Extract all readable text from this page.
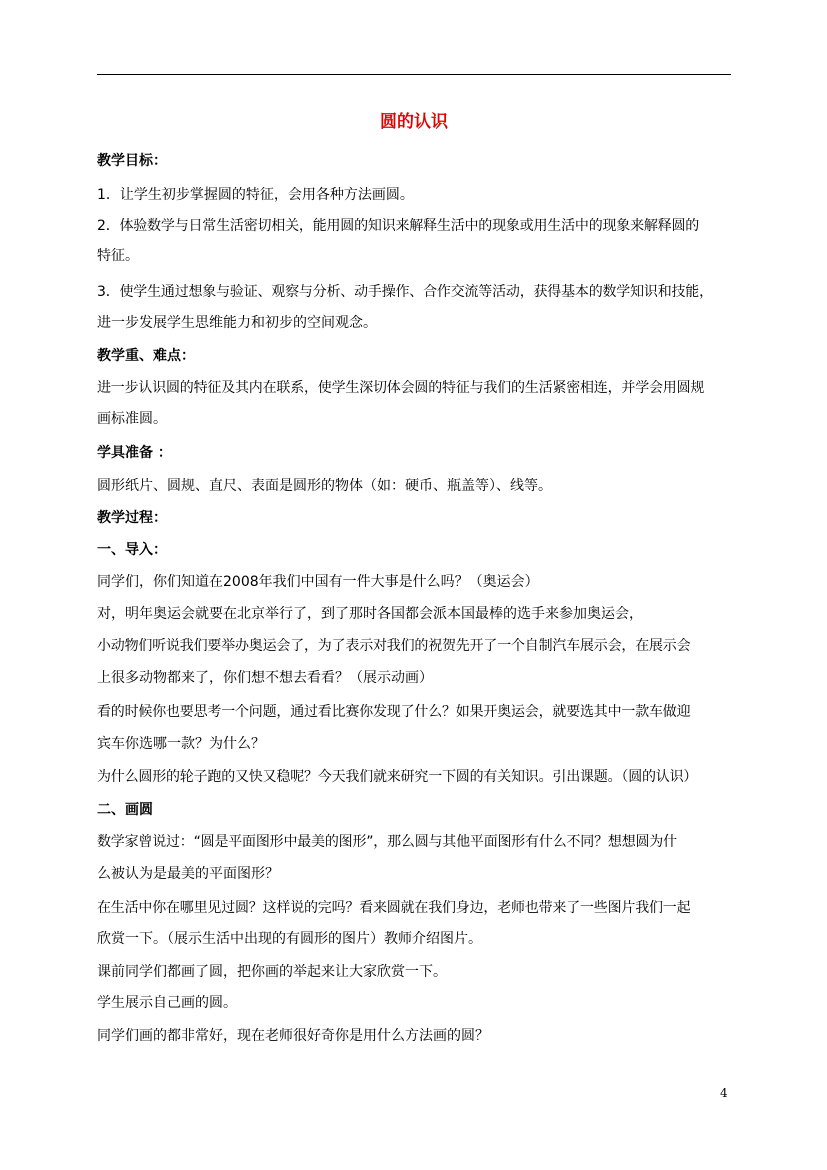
圆的认识
教学目标：
1．让学生初步掌握圆的特征，会用各种方法画圆。
2．体验数学与日常生活密切相关，能用圆的知识来解释生活中的现象或用生活中的现象来解释圆的
特征。
3．使学生通过想象与验证、观察与分析、动手操作、合作交流等活动，获得基本的数学知识和技能，
进一步发展学生思维能力和初步的空间观念。
教学重、难点：
进一步认识圆的特征及其内在联系，使学生深切体会圆的特征与我们的生活紧密相连，并学会用圆规
画标准圆。
学具准备 ：
圆形纸片、圆规、直尺、表面是圆形的物体（如：硬币、瓶盖等）、线等。
教学过程：
一、导入：
同学们，你们知道在2008年我们中国有一件大事是什么吗？（奥运会）
对，明年奥运会就要在北京举行了，到了那时各国都会派本国最棒的选手来参加奥运会，
小动物们听说我们要举办奥运会了，为了表示对我们的祝贺先开了一个自制汽车展示会，在展示会
上很多动物都来了，你们想不想去看看？（展示动画）
看的时候你也要思考一个问题，通过看比赛你发现了什么？如果开奥运会，就要选其中一款车做迎
宾车你选哪一款？为什么？
为什么圆形的轮子跑的又快又稳呢？今天我们就来研究一下圆的有关知识。引出课题。（圆的认识）
二、画圆
数学家曾说过：“圆是平面图形中最美的图形”，那么圆与其他平面图形有什么不同？想想圆为什
么被认为是最美的平面图形？
在生活中你在哪里见过圆？这样说的完吗？看来圆就在我们身边，老师也带来了一些图片我们一起
欣赏一下。（展示生活中出现的有圆形的图片）教师介绍图片。
课前同学们都画了圆，把你画的举起来让大家欣赏一下。
学生展示自己画的圆。
同学们画的都非常好，现在老师很好奇你是用什么方法画的圆？
4
